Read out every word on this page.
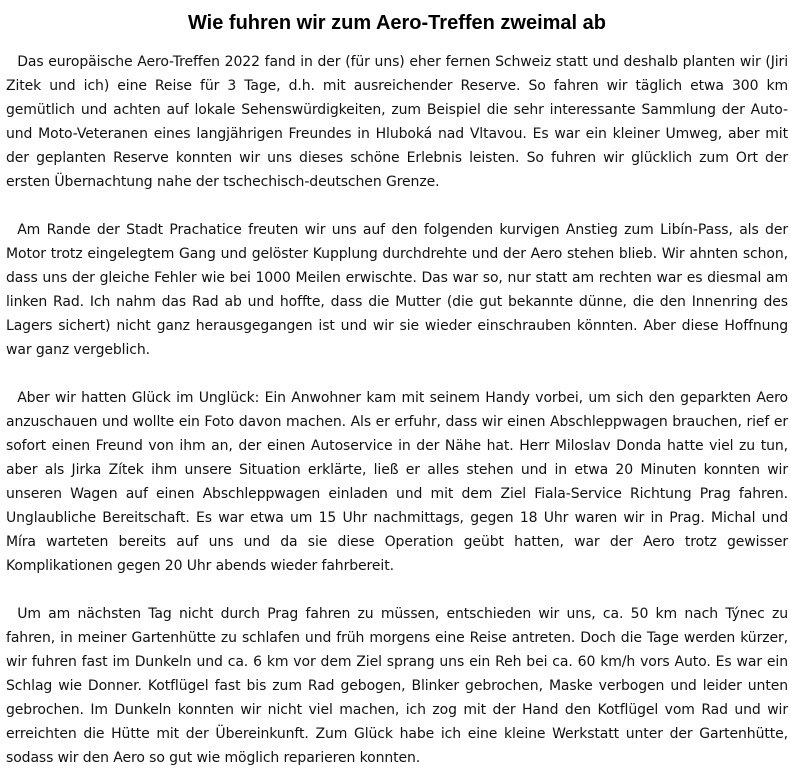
Wie fuhren wir zum Aero-Treffen zweimal ab

Das europäische Aero-Treffen 2022 fand in der (für uns) eher fernen Schweiz statt und deshalb planten wir (Jiri Zitek und ich) eine Reise für 3 Tage, d.h. mit ausreichender Reserve. So fahren wir täglich etwa 300 km gemütlich und achten auf lokale Sehenswürdigkeiten, zum Beispiel die sehr interessante Sammlung der Auto- und Moto-Veteranen eines langjährigen Freundes in Hluboká nad Vltavou. Es war ein kleiner Umweg, aber mit der geplanten Reserve konnten wir uns dieses schöne Erlebnis leisten. So fuhren wir glücklich zum Ort der ersten Übernachtung nahe der tschechisch-deutschen Grenze.

Am Rande der Stadt Prachatice freuten wir uns auf den folgenden kurvigen Anstieg zum Libín-Pass, als der Motor trotz eingelegtem Gang und gelöster Kupplung durchdrehte und der Aero stehen blieb. Wir ahnten schon, dass uns der gleiche Fehler wie bei 1000 Meilen erwischte. Das war so, nur statt am rechten war es diesmal am linken Rad. Ich nahm das Rad ab und hoffte, dass die Mutter (die gut bekannte dünne, die den Innenring des Lagers sichert) nicht ganz herausgegangen ist und wir sie wieder einschrauben könnten. Aber diese Hoffnung war ganz vergeblich.

Aber wir hatten Glück im Unglück: Ein Anwohner kam mit seinem Handy vorbei, um sich den geparkten Aero anzuschauen und wollte ein Foto davon machen. Als er erfuhr, dass wir einen Abschleppwagen brauchen, rief er sofort einen Freund von ihm an, der einen Autoservice in der Nähe hat. Herr Miloslav Donda hatte viel zu tun, aber als Jirka Zítek ihm unsere Situation erklärte, ließ er alles stehen und in etwa 20 Minuten konnten wir unseren Wagen auf einen Abschleppwagen einladen und mit dem Ziel Fiala-Service Richtung Prag fahren. Unglaubliche Bereitschaft. Es war etwa um 15 Uhr nachmittags, gegen 18 Uhr waren wir in Prag. Michal und Míra warteten bereits auf uns und da sie diese Operation geübt hatten, war der Aero trotz gewisser Komplikationen gegen 20 Uhr abends wieder fahrbereit.

Um am nächsten Tag nicht durch Prag fahren zu müssen, entschieden wir uns, ca. 50 km nach Týnec zu fahren, in meiner Gartenhütte zu schlafen und früh morgens eine Reise antreten. Doch die Tage werden kürzer, wir fuhren fast im Dunkeln und ca. 6 km vor dem Ziel sprang uns ein Reh bei ca. 60 km/h vors Auto. Es war ein Schlag wie Donner. Kotflügel fast bis zum Rad gebogen, Blinker gebrochen, Maske verbogen und leider unten gebrochen. Im Dunkeln konnten wir nicht viel machen, ich zog mit der Hand den Kotflügel vom Rad und wir erreichten die Hütte mit der Übereinkunft. Zum Glück habe ich eine kleine Werkstatt unter der Gartenhütte, sodass wir den Aero so gut wie möglich reparieren konnten.
